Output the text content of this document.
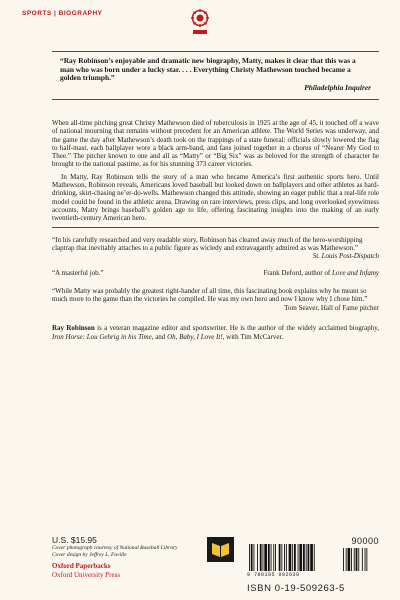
SPORTS | BIOGRAPHY
“Ray Robinson’s enjoyable and dramatic new biography, Matty, makes it clear that this was a man who was born under a lucky star. . . . Everything Christy Mathewson touched became a golden triumph.”
Philadelphia Inquirer

When all-time pitching great Christy Mathewson died of tuberculosis in 1925 at the age of 45, it touched off a wave of national mourning that remains without precedent for an American athlete. The World Series was underway, and the game the day after Mathewson’s death took on the trappings of a state funeral: officials slowly lowered the flag to half-mast, each ballplayer wore a black arm-band, and fans joined together in a chorus of “Nearer My God to Thee.” The pitcher known to one and all as “Matty” or “Big Six” was as beloved for the strength of character he brought to the national pastime, as for his stunning 373 career victories.

In Matty, Ray Robinson tells the story of a man who became America’s first authentic sports hero. Until Mathewson, Robinson reveals, Americans loved baseball but looked down on ballplayers and other athletes as hard-drinking, skirt-chasing ne’er-do-wells. Mathewson changed this attitude, showing an eager public that a real-life role model could be found in the athletic arena. Drawing on rare interviews, press clips, and long overlooked eyewitness accounts, Matty brings baseball’s golden age to life, offering fascinating insights into the making of an early twentieth-century American hero.

“In his carefully researched and very readable story, Robinson has cleared away much of the hero-worshipping claptrap that inevitably attaches to a public figure as wicledy and extravagantly admired as was Mathewson.”
St. Louis Post-Dispatch
“A masterful job.”	Frank Deford, author of Love and Infamy
“While Matty was probably the greatest right-hander of all time, this fascinating book explains why he meant so much more to the game than the victories he compiled. He was my own hero and now I know why I chose him.”
Tom Seaver, Hall of Fame pitcher
Ray Robinson is a veteran magazine editor and sportswriter. He is the author of the widely acclaimed biography, Iron Horse: Lou Gehrig in his Time, and Oh, Baby, I Love It!, with Tim McCarver.
U.S. $15.95
Cover photograph courtesy of National Baseball Library
Cover design by Jeffrey L. Faville
Oxford Paperbacks
Oxford University Press
90000
9 780195 092639
ISBN 0-19-509263-5
